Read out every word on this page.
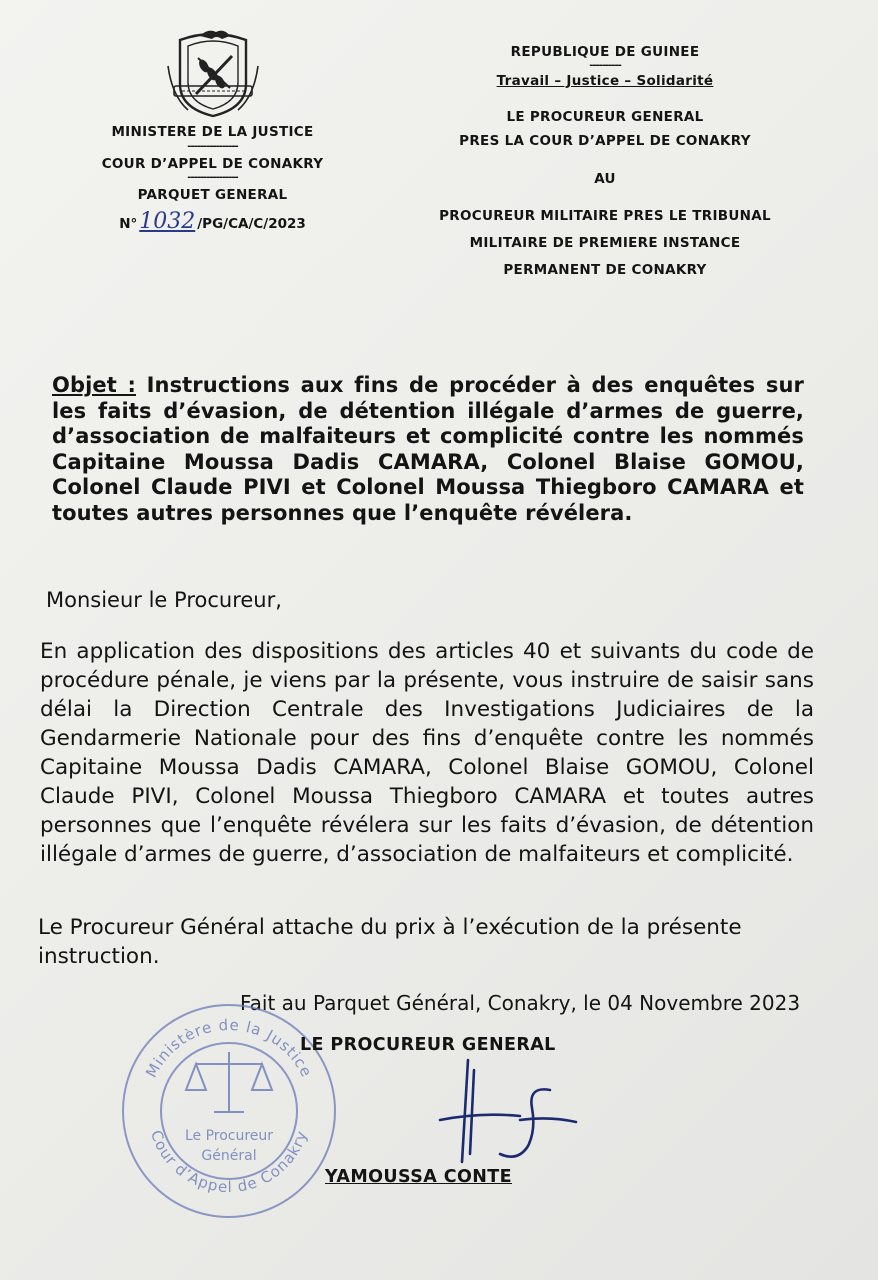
MINISTERE DE LA JUSTICE
----------------
COUR D’APPEL DE CONAKRY
----------------
PARQUET GENERAL
N° 1032 /PG/CA/C/2023
REPUBLIQUE DE GUINEE
----------
Travail – Justice – Solidarité
LE PROCUREUR GENERAL
PRES LA COUR D’APPEL DE CONAKRY
AU
PROCUREUR MILITAIRE PRES LE TRIBUNAL
MILITAIRE DE PREMIERE INSTANCE
PERMANENT DE CONAKRY
Objet : Instructions aux fins de procéder à des enquêtes sur les faits d’évasion, de détention illégale d’armes de guerre, d’association de malfaiteurs et complicité contre les nommés Capitaine Moussa Dadis CAMARA, Colonel Blaise GOMOU, Colonel Claude PIVI et Colonel Moussa Thiegboro CAMARA et toutes autres personnes que l’enquête révélera.
Monsieur le Procureur,
En application des dispositions des articles 40 et suivants du code de procédure pénale, je viens par la présente, vous instruire de saisir sans délai la Direction Centrale des Investigations Judiciaires de la Gendarmerie Nationale pour des fins d’enquête contre les nommés Capitaine Moussa Dadis CAMARA, Colonel Blaise GOMOU, Colonel Claude PIVI, Colonel Moussa Thiegboro CAMARA et toutes autres personnes que l’enquête révélera sur les faits d’évasion, de détention illégale d’armes de guerre, d’association de malfaiteurs et complicité.
Le Procureur Général attache du prix à l’exécution de la présente instruction.
Fait au Parquet Général, Conakry, le 04 Novembre 2023
Ministère de la Justice
Cour d’Appel de Conakry
Le Procureur
Général
LE PROCUREUR GENERAL
YAMOUSSA CONTE
